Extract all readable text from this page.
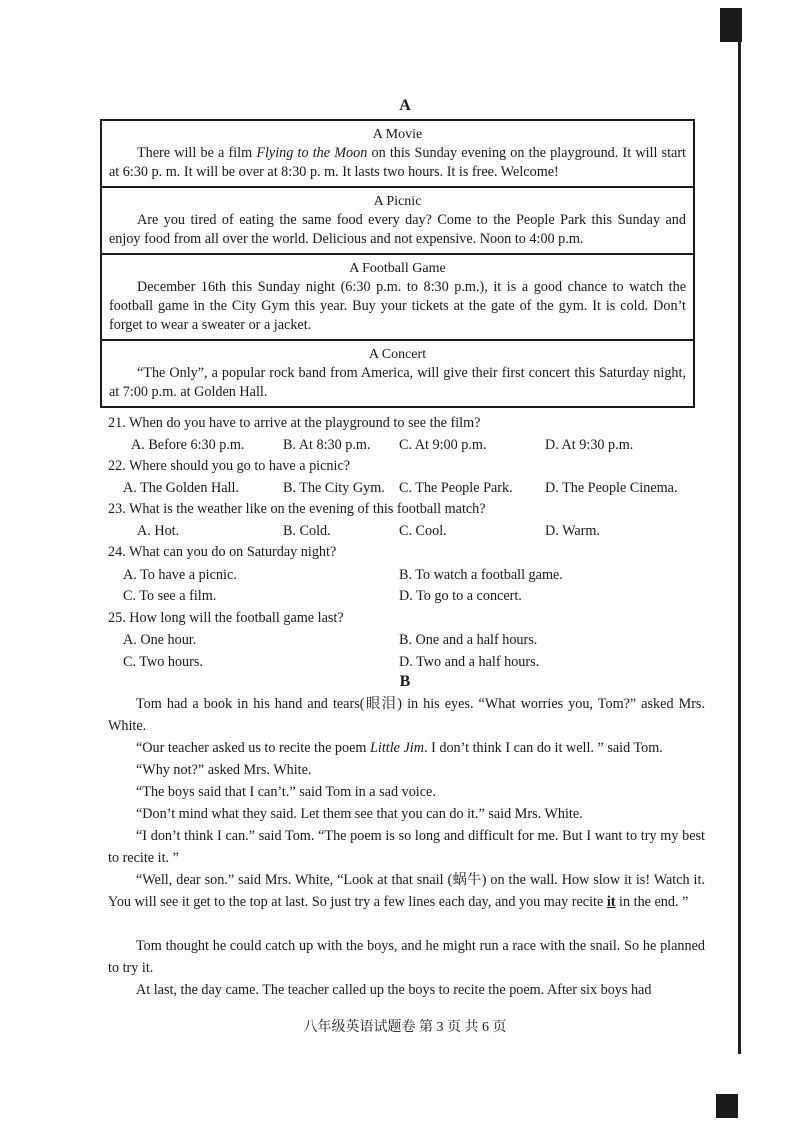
A
A Movie

There will be a film Flying to the Moon on this Sunday evening on the playground. It will start at 6:30 p. m. It will be over at 8:30 p. m. It lasts two hours. It is free. Welcome!

A Picnic

Are you tired of eating the same food every day? Come to the People Park this Sunday and enjoy food from all over the world. Delicious and not expensive. Noon to 4:00 p.m.

A Football Game

December 16th this Sunday night (6:30 p.m. to 8:30 p.m.), it is a good chance to watch the football game in the City Gym this year. Buy your tickets at the gate of the gym. It is cold. Don’t forget to wear a sweater or a jacket.

A Concert

“The Only”, a popular rock band from America, will give their first concert this Saturday night, at 7:00 p.m. at Golden Hall.

21. When do you have to arrive at the playground to see the film?
A. Before 6:30 p.m.	B. At 8:30 p.m. C. At 9:00 p.m.	D. At 9:30 p.m.
22. Where should you go to have a picnic?
A. The Golden Hall.	B. The City Gym. C. The People Park. D. The People Cinema.
23. What is the weather like on the evening of this football match?
A. Hot.	B. Cold.	C. Cool.	D. Warm.
24. What can you do on Saturday night?
A. To have a picnic.	B. To watch a football game.
C. To see a film.	D. To go to a concert.
25. How long will the football game last?
A. One hour.	B. One and a half hours.
C. Two hours.	D. Two and a half hours.
B
Tom had a book in his hand and tears(眼泪) in his eyes. “What worries you, Tom?” asked Mrs. White.
“Our teacher asked us to recite the poem Little Jim. I don’t think I can do it well. ” said Tom.
“Why not?” asked Mrs. White.
“The boys said that I can’t.” said Tom in a sad voice.
“Don’t mind what they said. Let them see that you can do it.” said Mrs. White.
“I don’t think I can.” said Tom. “The poem is so long and difficult for me. But I want to try my best to recite it. ”
“Well, dear son.” said Mrs. White, “Look at that snail (蜗牛) on the wall. How slow it is! Watch it. You will see it get to the top at last. So just try a few lines each day, and you may recite it in the end. ”
Tom thought he could catch up with the boys, and he might run a race with the snail. So he planned to try it.
At last, the day came. The teacher called up the boys to recite the poem. After six boys had
八年级英语试题卷 第 3 页 共 6 页
